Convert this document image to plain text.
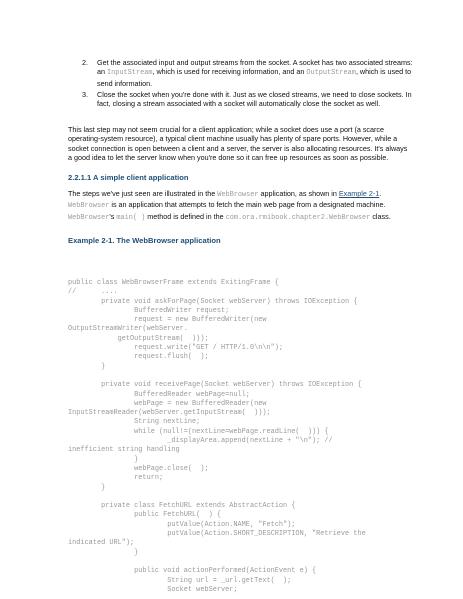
2. Get the associated input and output streams from the socket. A socket has two associated streams: an InputStream, which is used for receiving information, and an OutputStream, which is used to send information.
3. Close the socket when you're done with it. Just as we closed streams, we need to close sockets. In fact, closing a stream associated with a socket will automatically close the socket as well.
This last step may not seem crucial for a client application; while a socket does use a port (a scarce operating-system resource), a typical client machine usually has plenty of spare ports. However, while a socket connection is open between a client and a server, the server is also allocating resources. It's always a good idea to let the server know when you're done so it can free up resources as soon as possible.
2.2.1.1 A simple client application
The steps we've just seen are illustrated in the WebBrowser application, as shown in Example 2-1. WebBrowser is an application that attempts to fetch the main web page from a designated machine. WebBrowser's main( ) method is defined in the com.ora.rmibook.chapter2.WebBrowser class.
Example 2-1. The WebBrowser application
public class WebBrowserFrame extends ExitingFrame {
//      ....
private void askForPage(Socket webServer) throws IOException {
BufferedWriter request;
request = new BufferedWriter(new
OutputStreamWriter(webServer.
getOutputStream(  )));
request.write("GET / HTTP/1.0\n\n");
request.flush(  );
}

private void receivePage(Socket webServer) throws IOException {
BufferedReader webPage=null;
webPage = new BufferedReader(new
InputStreamReader(webServer.getInputStream(  )));
String nextLine;
while (null!=(nextLine=webPage.readLine(  ))) {
_displayArea.append(nextLine + "\n"); //
inefficient string handling
}
webPage.close(  );
return;
}

private class FetchURL extends AbstractAction {
public FetchURL(  ) {
putValue(Action.NAME, "Fetch");
putValue(Action.SHORT_DESCRIPTION, "Retrieve the
indicated URL");
}

public void actionPerformed(ActionEvent e) {
String url = _url.getText(  );
Socket webServer;
